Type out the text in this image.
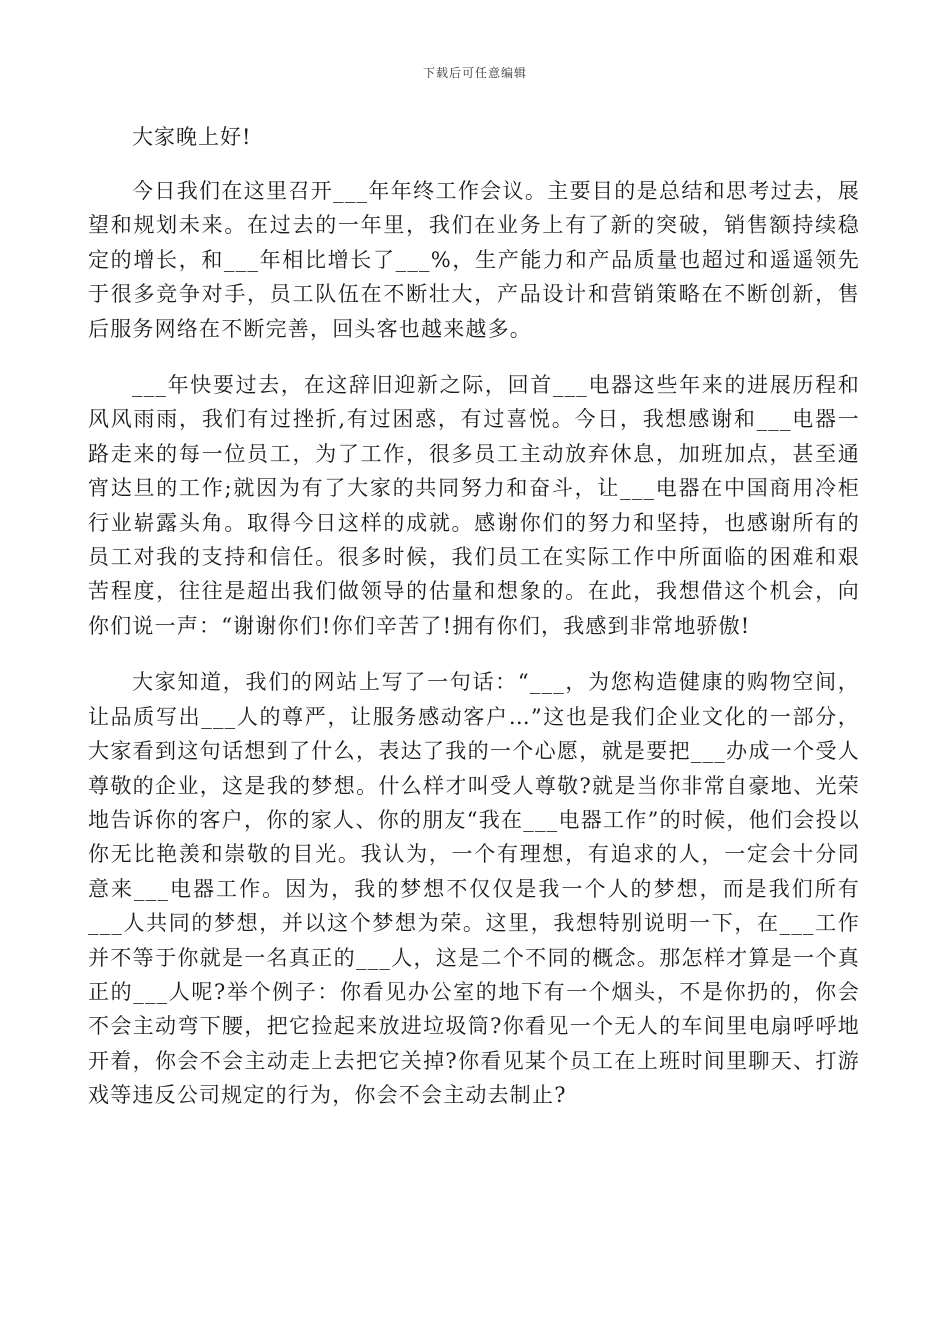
下载后可任意编辑

大家晚上好!

今日我们在这里召开___年年终工作会议。主要目的是总结和思考过去，展望和规划未来。在过去的一年里，我们在业务上有了新的突破，销售额持续稳定的增长，和___年相比增长了___%，生产能力和产品质量也超过和遥遥领先于很多竞争对手，员工队伍在不断壮大，产品设计和营销策略在不断创新，售后服务网络在不断完善，回头客也越来越多。

___年快要过去，在这辞旧迎新之际，回首___电器这些年来的进展历程和风风雨雨，我们有过挫折,有过困惑，有过喜悦。今日，我想感谢和___电器一路走来的每一位员工，为了工作，很多员工主动放弃休息，加班加点，甚至通宵达旦的工作;就因为有了大家的共同努力和奋斗，让___电器在中国商用冷柜行业崭露头角。取得今日这样的成就。感谢你们的努力和坚持，也感谢所有的员工对我的支持和信任。很多时候，我们员工在实际工作中所面临的困难和艰苦程度，往往是超出我们做领导的估量和想象的。在此，我想借这个机会，向你们说一声：“谢谢你们!你们辛苦了!拥有你们，我感到非常地骄傲!

大家知道，我们的网站上写了一句话：“___，为您构造健康的购物空间，让品质写出___人的尊严，让服务感动客户…”这也是我们企业文化的一部分，大家看到这句话想到了什么，表达了我的一个心愿，就是要把___办成一个受人尊敬的企业，这是我的梦想。什么样才叫受人尊敬?就是当你非常自豪地、光荣地告诉你的客户，你的家人、你的朋友“我在___电器工作”的时候，他们会投以你无比艳羡和崇敬的目光。我认为，一个有理想，有追求的人，一定会十分同意来___电器工作。因为，我的梦想不仅仅是我一个人的梦想，而是我们所有___人共同的梦想，并以这个梦想为荣。这里，我想特别说明一下，在___工作并不等于你就是一名真正的___人，这是二个不同的概念。那怎样才算是一个真正的___人呢?举个例子：你看见办公室的地下有一个烟头，不是你扔的，你会不会主动弯下腰，把它捡起来放进垃圾筒?你看见一个无人的车间里电扇呼呼地开着，你会不会主动走上去把它关掉?你看见某个员工在上班时间里聊天、打游戏等违反公司规定的行为，你会不会主动去制止?
